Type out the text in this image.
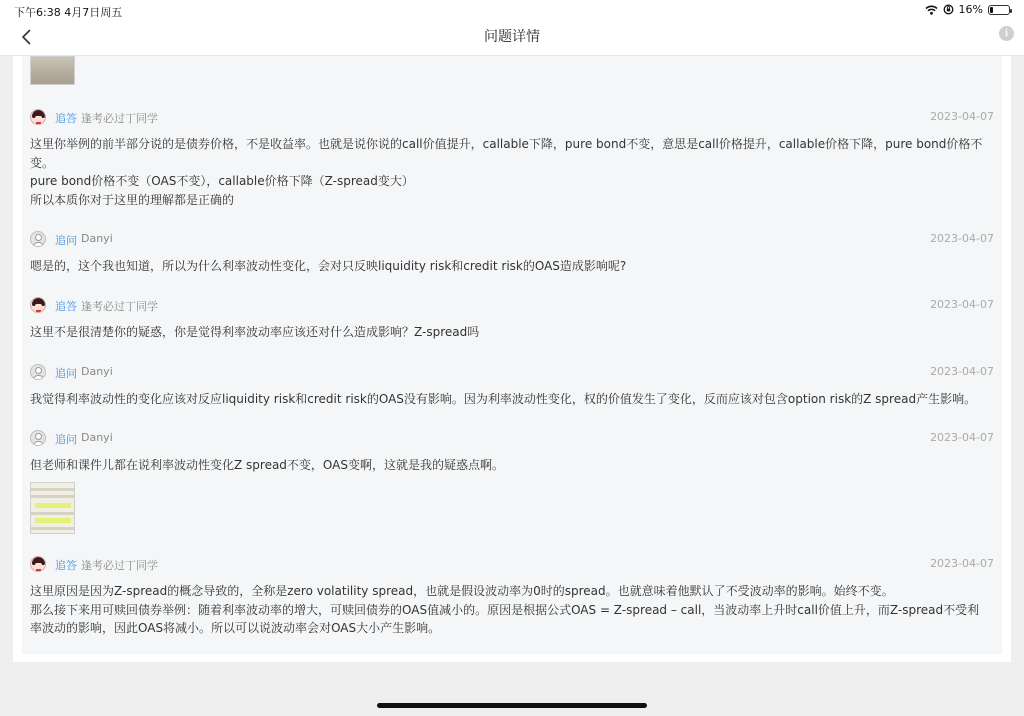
下午6:38 4月7日周五	16%
问题详情	i
追答 逢考必过丁同学	2023-04-07
这里你举例的前半部分说的是债券价格，不是收益率。也就是说你说的call价值提升，callable下降，pure bond不变，意思是call价格提升，callable价格下降，pure bond价格不
变。
pure bond价格不变（OAS不变），callable价格下降（Z-spread变大）
所以本质你对于这里的理解都是正确的
追问 Danyi	2023-04-07
嗯是的，这个我也知道，所以为什么利率波动性变化，会对只反映liquidity risk和credit risk的OAS造成影响呢?
追答 逢考必过丁同学	2023-04-07
这里不是很清楚你的疑惑，你是觉得利率波动率应该还对什么造成影响？Z-spread吗
追问 Danyi	2023-04-07
我觉得利率波动性的变化应该对反应liquidity risk和credit risk的OAS没有影响。因为利率波动性变化，权的价值发生了变化，反而应该对包含option risk的Z spread产生影响。
追问 Danyi	2023-04-07
但老师和课件儿都在说利率波动性变化Z spread不变，OAS变啊，这就是我的疑惑点啊。
追答 逢考必过丁同学	2023-04-07
这里原因是因为Z-spread的概念导致的，全称是zero volatility spread，也就是假设波动率为0时的spread。也就意味着他默认了不受波动率的影响。始终不变。
那么接下来用可赎回债券举例：随着利率波动率的增大，可赎回债券的OAS值减小的。原因是根据公式OAS = Z-spread – call，当波动率上升时call价值上升，而Z-spread不受利
率波动的影响，因此OAS将减小。所以可以说波动率会对OAS大小产生影响。
